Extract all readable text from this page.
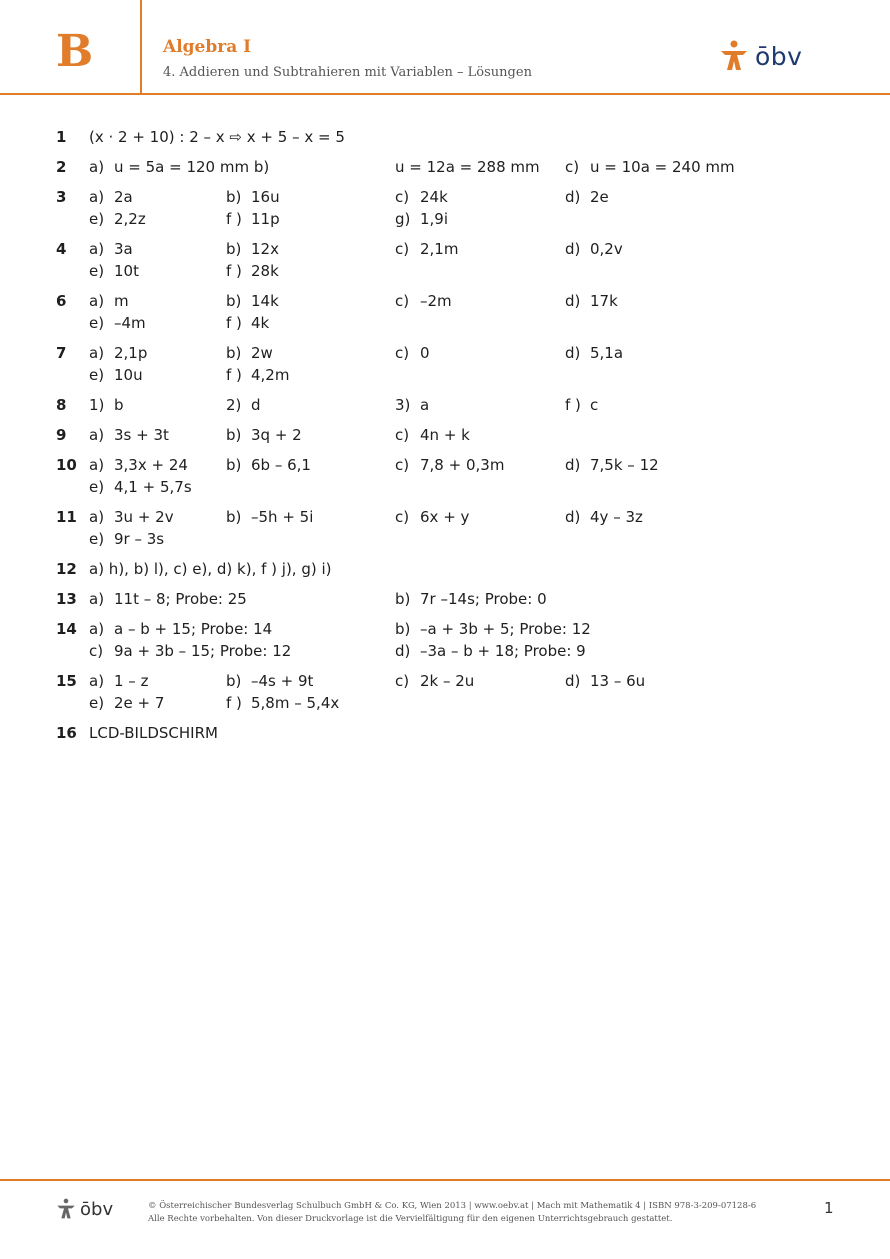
B	Algebra I
4. Addieren und Subtrahieren mit Variablen – Lösungen
ōbv
1 (x · 2 + 10) : 2 – x ⇨ x + 5 – x = 5
2 a) u = 5a = 120 mm b)	u = 12a = 288 mm c) u = 10a = 240 mm
3 a) 2a	b) 16u	c) 24k	d) 2e
e) 2,2z	f ) 11p	g) 1,9i
4 a) 3a	b) 12x	c) 2,1m	d) 0,2v
e) 10t	f ) 28k
6 a) m	b) 14k	c) –2m	d) 17k
e) –4m	f ) 4k
7 a) 2,1p	b) 2w	c) 0	d) 5,1a
e) 10u	f ) 4,2m
8 1) b	2) d	3) a	f ) c
9 a) 3s + 3t	b) 3q + 2	c) 4n + k
10 a) 3,3x + 24	b) 6b – 6,1	c) 7,8 + 0,3m	d) 7,5k – 12
e) 4,1 + 5,7s
11 a) 3u + 2v	b) –5h + 5i	c) 6x + y	d) 4y – 3z
e) 9r – 3s
12 a) h), b) l), c) e), d) k), f ) j), g) i)
13 a) 11t – 8; Probe: 25	b) 7r –14s; Probe: 0
14 a) a – b + 15; Probe: 14	b) –a + 3b + 5; Probe: 12
c) 9a + 3b – 15; Probe: 12	d) –3a – b + 18; Probe: 9
15 a) 1 – z	b) –4s + 9t	c) 2k – 2u	d) 13 – 6u
e) 2e + 7	f ) 5,8m – 5,4x
16 LCD-BILDSCHIRM
ōbv	© Österreichischer Bundesverlag Schulbuch GmbH & Co. KG, Wien 2013 | www.oebv.at | Mach mit Mathematik 4 | ISBN 978-3-209-07128-6
Alle Rechte vorbehalten. Von dieser Druckvorlage ist die Vervielfältigung für den eigenen Unterrichtsgebrauch gestattet.
1
